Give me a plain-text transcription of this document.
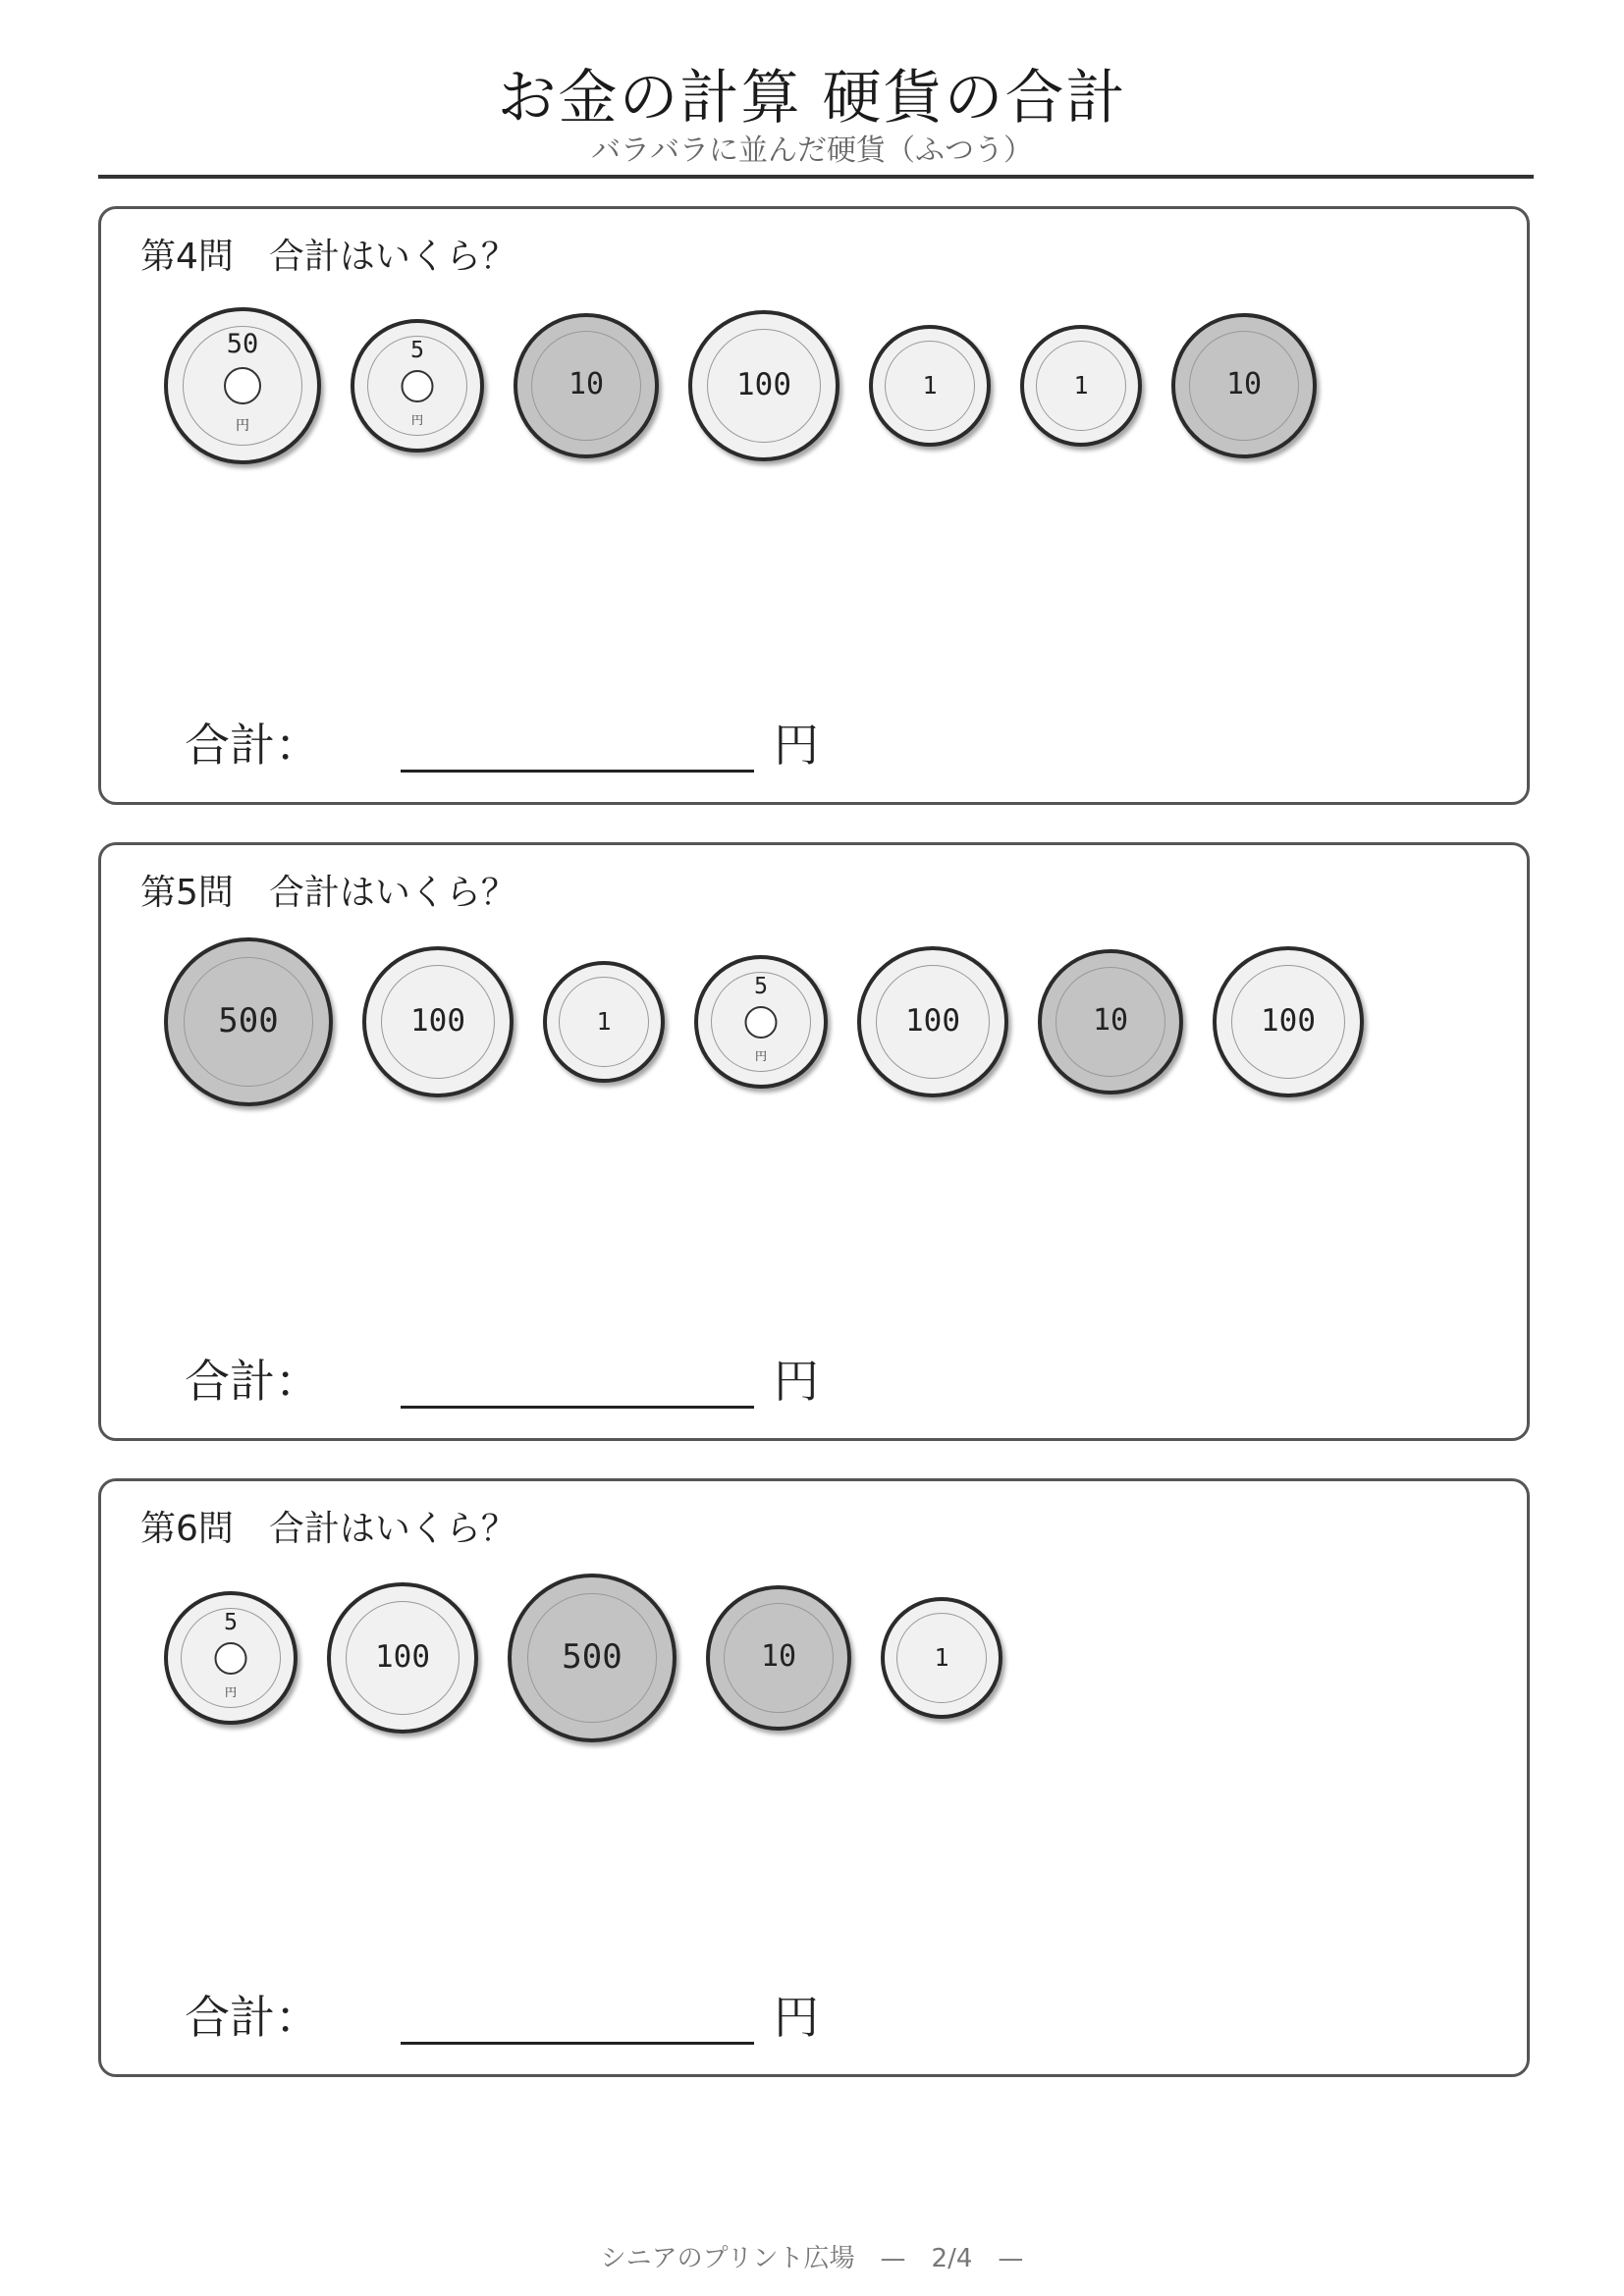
お金の計算 硬貨の合計
バラバラに並んだ硬貨（ふつう）
第4問　合計はいくら？
合計：	円
円
50
円
5
10	100	1	1	10
第5問　合計はいくら？
合計：	円
500	100	1
円
5
100	10	100
第6問　合計はいくら？
合計：	円
円
5
100	500	10	1
シニアのプリント広場　—　2/4　—
